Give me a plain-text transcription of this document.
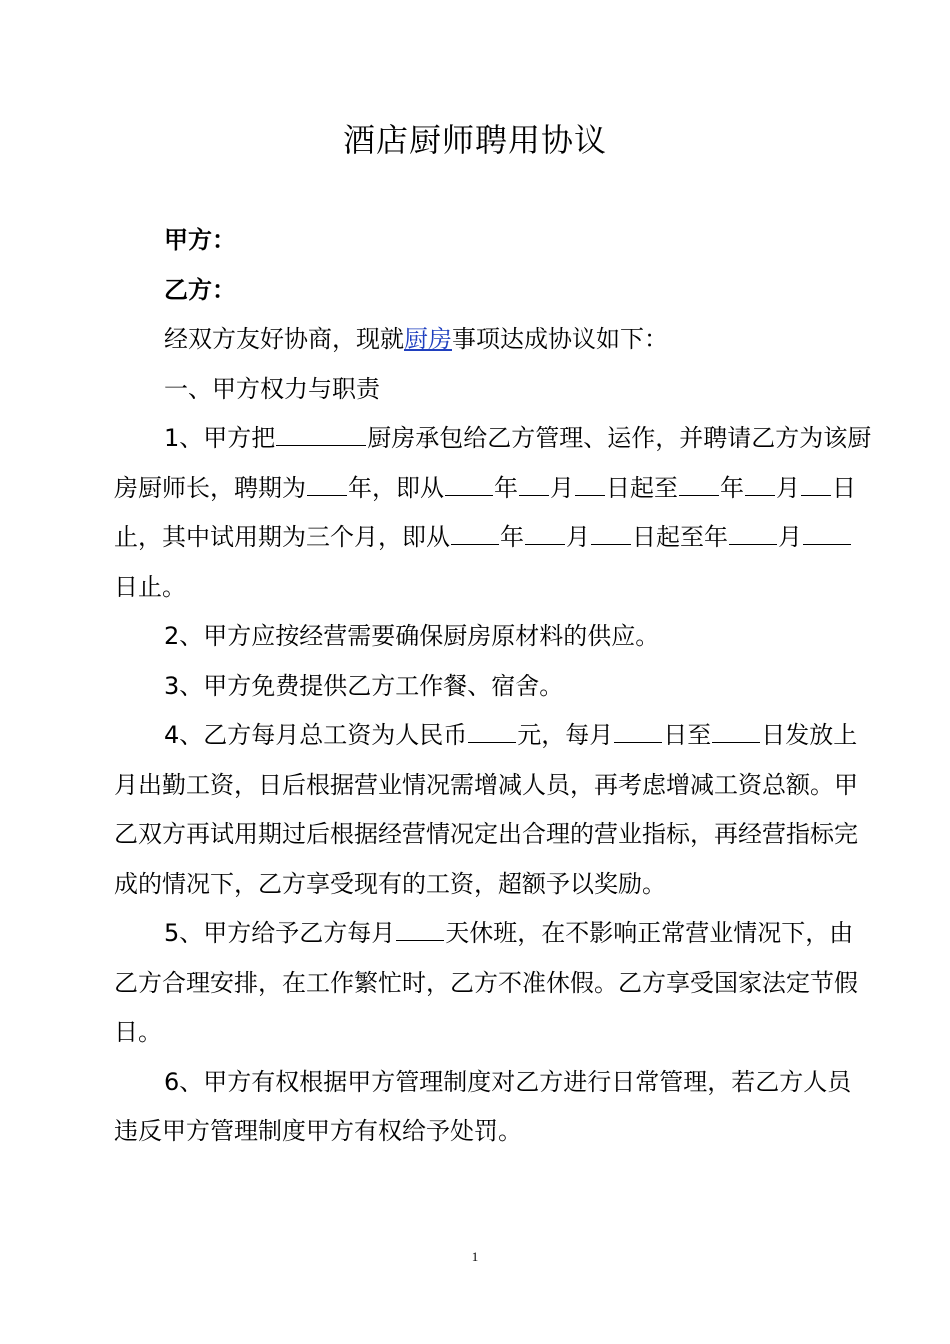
酒店厨师聘用协议

甲方：

乙方：

经双方友好协商，现就厨房事项达成协议如下：

一、甲方权力与职责

1、甲方把	厨房承包给乙方管理、运作，并聘请乙方为该厨房厨师长，聘期为 年，即从 年 月 日起至 年 月 日止，其中试用期为三个月，即从 年 月 日起至年 月日止。

2、甲方应按经营需要确保厨房原材料的供应。

3、甲方免费提供乙方工作餐、宿舍。

4、乙方每月总工资为人民币 元，每月 日至 日发放上月出勤工资，日后根据营业情况需增减人员，再考虑增减工资总额。甲乙双方再试用期过后根据经营情况定出合理的营业指标，再经营指标完成的情况下，乙方享受现有的工资，超额予以奖励。

5、甲方给予乙方每月 天休班，在不影响正常营业情况下，由乙方合理安排，在工作繁忙时，乙方不准休假。乙方享受国家法定节假日。

6、甲方有权根据甲方管理制度对乙方进行日常管理，若乙方人员违反甲方管理制度甲方有权给予处罚。

1
